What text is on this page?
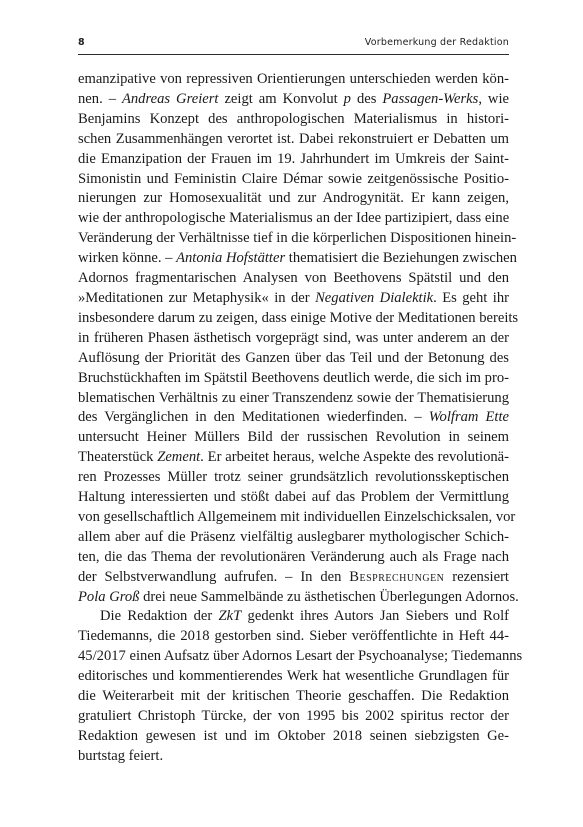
8	Vorbemerkung der Redaktion
emanzipative von repressiven Orientierungen unterschieden werden kön-
nen. – Andreas Greiert zeigt am Konvolut p des Passagen-Werks, wie
Benjamins Konzept des anthropologischen Materialismus in histori-
schen Zusammenhängen verortet ist. Dabei rekonstruiert er Debatten um
die Emanzipation der Frauen im 19. Jahrhundert im Umkreis der Saint-
Simonistin und Feministin Claire Démar sowie zeitgenössische Positio-
nierungen zur Homosexualität und zur Androgynität. Er kann zeigen,
wie der anthropologische Materialismus an der Idee partizipiert, dass eine
Veränderung der Verhältnisse tief in die körperlichen Dispositionen hinein-
wirken könne. – Antonia Hofstätter thematisiert die Beziehungen zwischen
Adornos fragmentarischen Analysen von Beethovens Spätstil und den
»Meditationen zur Metaphysik« in der Negativen Dialektik. Es geht ihr
insbesondere darum zu zeigen, dass einige Motive der Meditationen bereits
in früheren Phasen ästhetisch vorgeprägt sind, was unter anderem an der
Auflösung der Priorität des Ganzen über das Teil und der Betonung des
Bruchstückhaften im Spätstil Beethovens deutlich werde, die sich im pro-
blematischen Verhältnis zu einer Transzendenz sowie der Thematisierung
des Vergänglichen in den Meditationen wiederfinden. – Wolfram Ette
untersucht Heiner Müllers Bild der russischen Revolution in seinem
Theaterstück Zement. Er arbeitet heraus, welche Aspekte des revolutionä-
ren Prozesses Müller trotz seiner grundsätzlich revolutionsskeptischen
Haltung interessierten und stößt dabei auf das Problem der Vermittlung
von gesellschaftlich Allgemeinem mit individuellen Einzelschicksalen, vor
allem aber auf die Präsenz vielfältig auslegbarer mythologischer Schich-
ten, die das Thema der revolutionären Veränderung auch als Frage nach
der Selbstverwandlung aufrufen. – In den Besprechungen rezensiert
Pola Groß drei neue Sammelbände zu ästhetischen Überlegungen Adornos.
Die Redaktion der ZkT gedenkt ihres Autors Jan Siebers und Rolf
Tiedemanns, die 2018 gestorben sind. Sieber veröffentlichte in Heft 44-
45/2017 einen Aufsatz über Adornos Lesart der Psychoanalyse; Tiedemanns
editorisches und kommentierendes Werk hat wesentliche Grundlagen für
die Weiterarbeit mit der kritischen Theorie geschaffen. Die Redaktion
gratuliert Christoph Türcke, der von 1995 bis 2002 spiritus rector der
Redaktion gewesen ist und im Oktober 2018 seinen siebzigsten Ge-
burtstag feiert.
